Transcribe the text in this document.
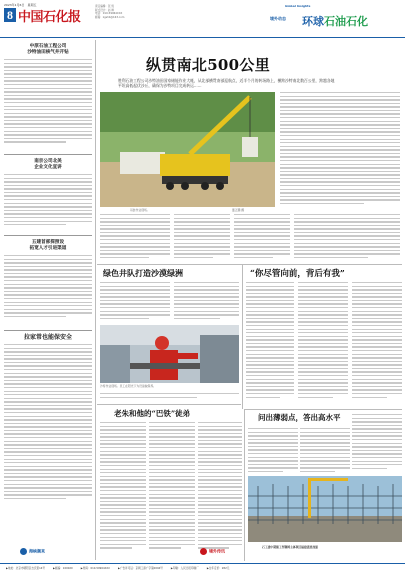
2023年1月6日　星期五
8 中国石化报
责任编辑：张 悦
版式设计：赵 晔
电话：010-59964XXX
邮箱：zgshb@163.com
Global Insights
境外动态 环球石油石化
中原石油工程公司
沙特油田核气井开钻
南京公司北美
企业文化宣讲
五建首部探照设
拓宽人才引进渠道
拉家常也能保安全
纵贯南北500公里
胜利石油工程公司沙特油田国家储能作业大帐，从北部横贯南部巡航点，近半个月的转场路上，横跨沙特南北数百公里，跨越各地平坦高低起伏沙丘，确保为沙特项目完成转运……
吊装作业现场。	董正鹏 摄
绿色井队打造沙漠绿洲
沙特作业现场。员工在阳光下为设备做保养。
“你尽管向前，背后有我”
老朱和他的“巴铁”徒弟	问出薄弱点，答出高水平
石工建中期储工作钢网主体项目福建进展加速
海峡潮来	境外传讯
▶地址：北京市朝阳区吉庆里14号	▶邮编：100020	▶传真：010-59964XXX	▶广告许可证：京朝工商广字第0094号	▶印刷：人民日报印刷厂	▶全年定价：282元
